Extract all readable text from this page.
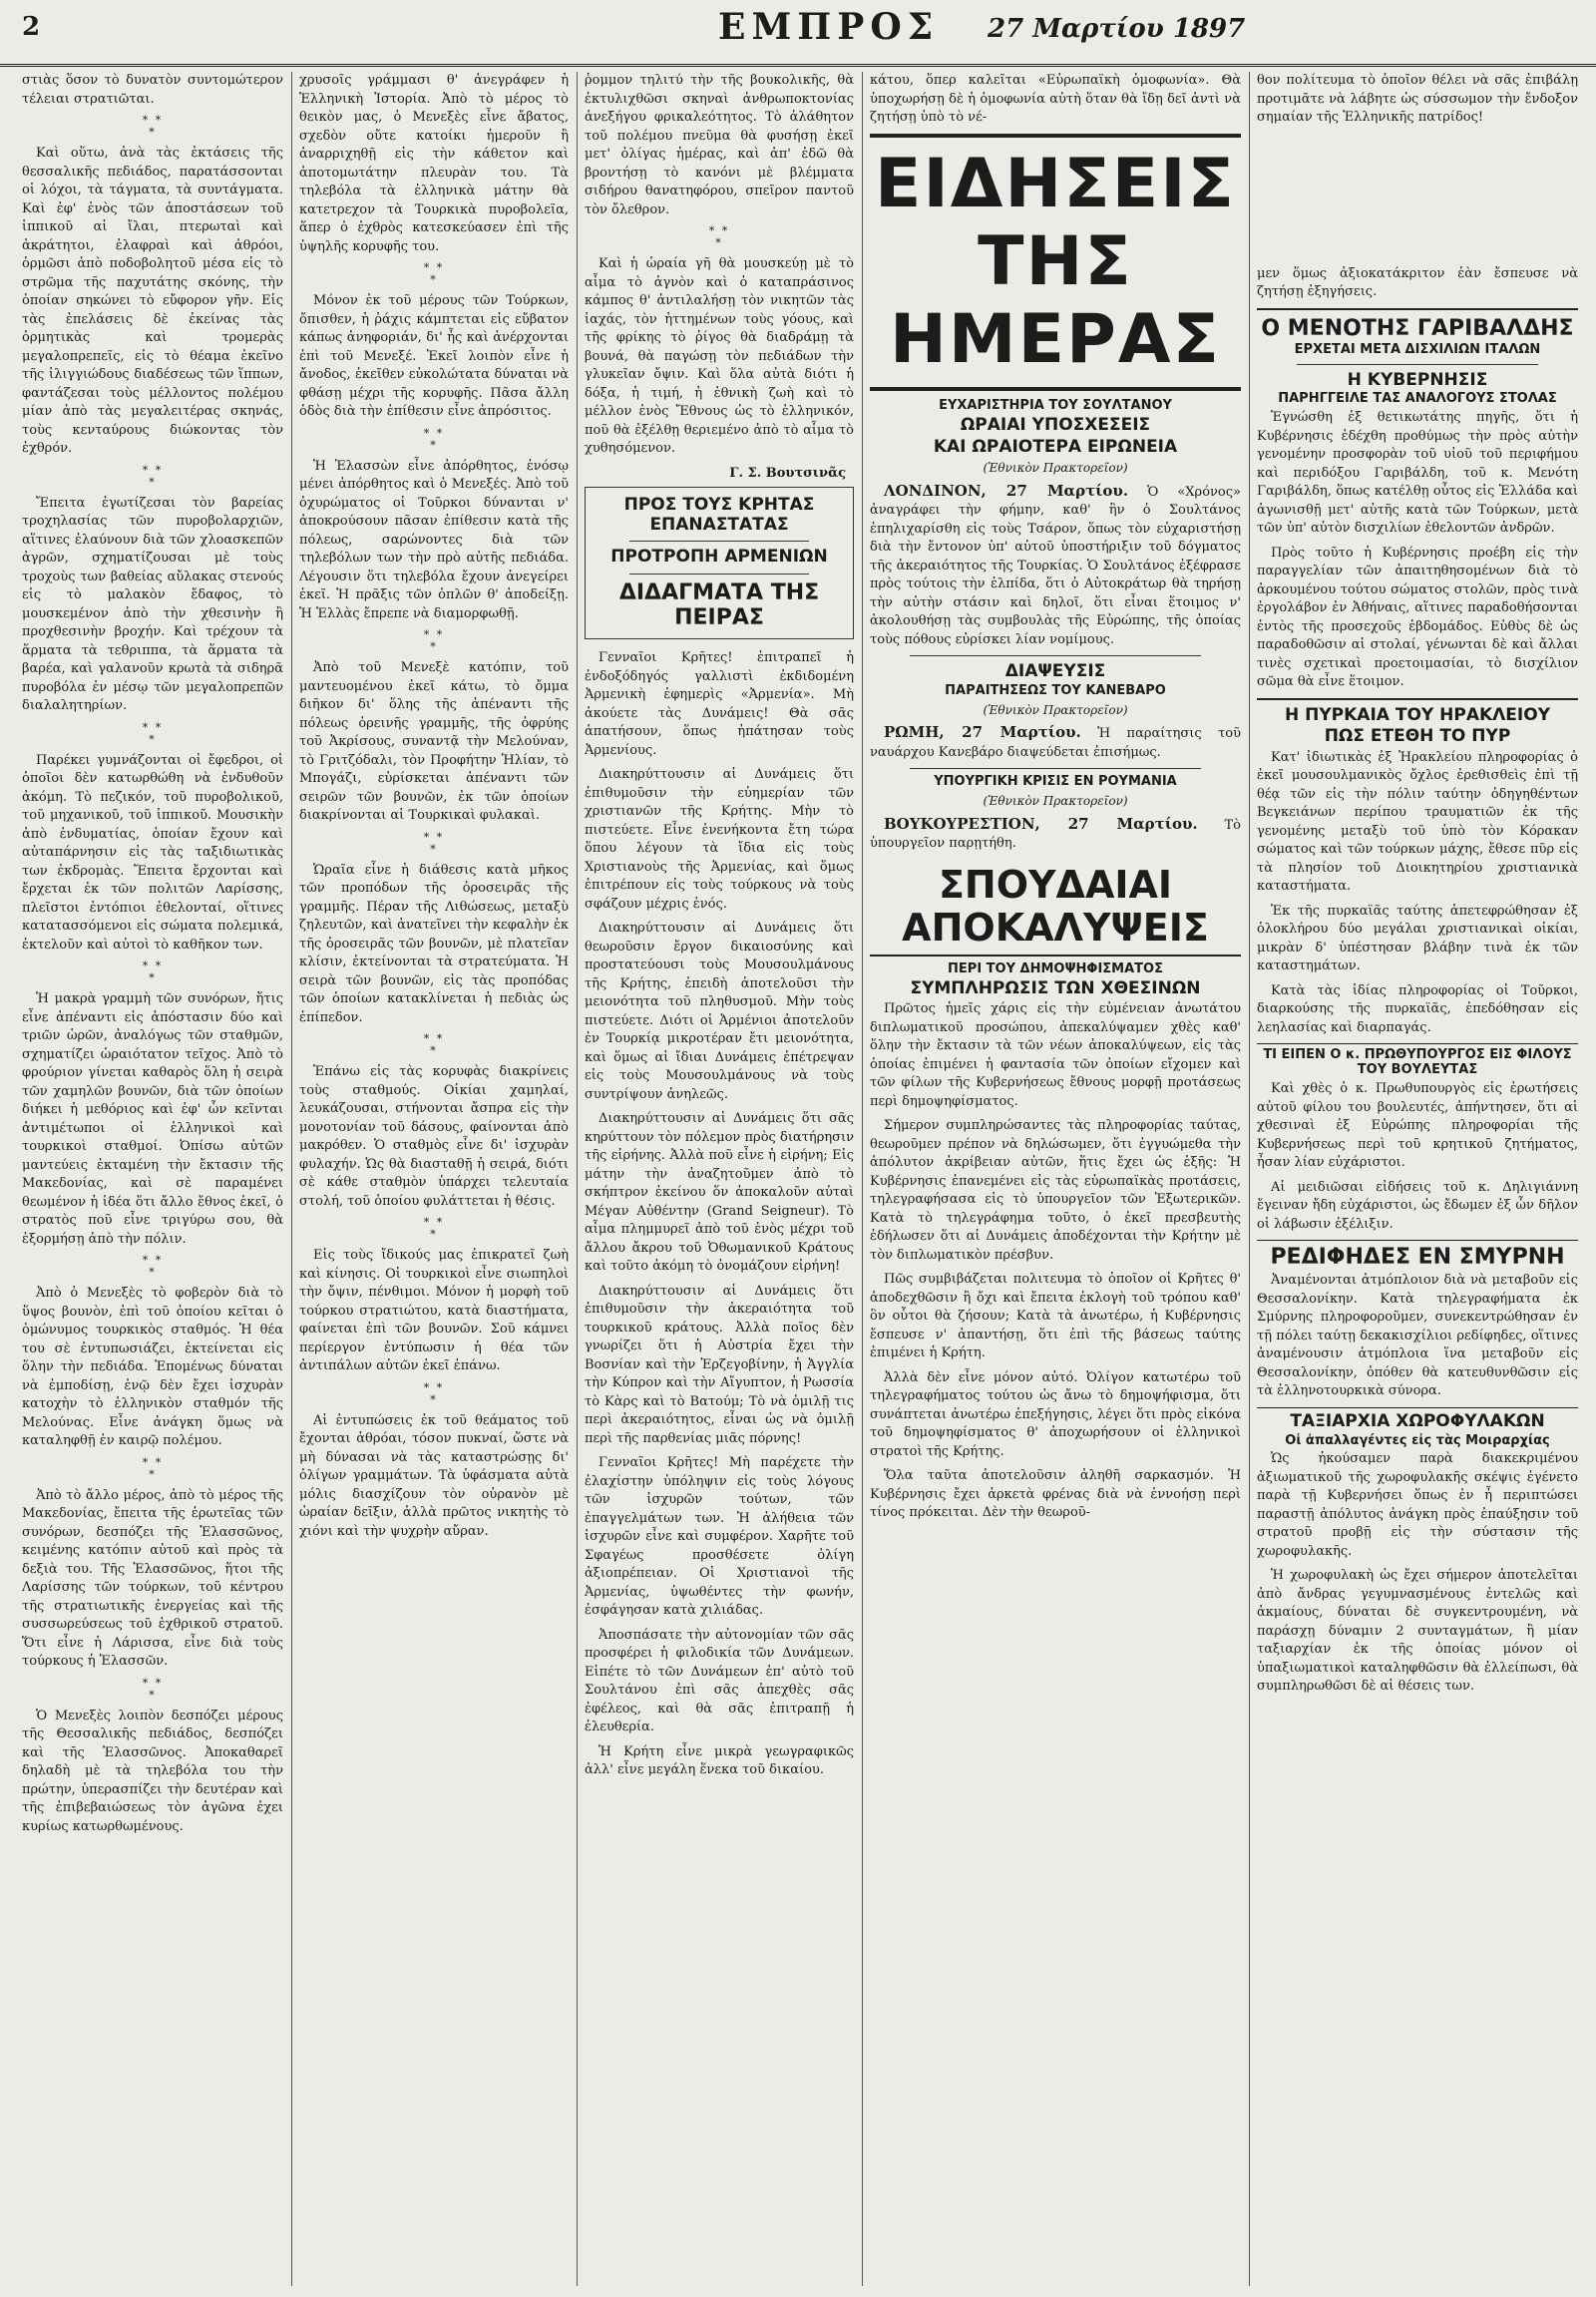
2	ΕΜΠΡΟΣ 27 Μαρτίου 1897

στιὰς ὅσον τὸ δυνατὸν συντομώτερον τέλειαι στρατιῶται.

* *
*

Καὶ οὕτω, ἀνὰ τὰς ἐκτάσεις τῆς θεσσαλικῆς πεδιάδος, παρατάσσονται οἱ λόχοι, τὰ τάγματα, τὰ συντάγματα. Καὶ ἐφ' ἑνὸς τῶν ἀποστάσεων τοῦ ἱππικοῦ αἱ ἴλαι, πτερωταὶ καὶ ἀκράτητοι, ἐλαφραὶ καὶ ἀθρόοι, ὁρμῶσι ἀπὸ ποδοβολητοῦ μέσα εἰς τὸ στρῶμα τῆς παχυτάτης σκόνης, τὴν ὁποίαν σηκώνει τὸ εὔφορον γῆν. Εἰς τὰς ἐπελάσεις δὲ ἐκείνας τὰς ὁρμητικὰς καὶ τρομερὰς μεγαλοπρεπεῖς, εἰς τὸ θέαμα ἐκεῖνο τῆς ἰλιγγιώδους διαδέσεως τῶν ἵππων, φαντάζεσαι τοὺς μέλλοντος πολέμου μίαν ἀπὸ τὰς μεγαλειτέρας σκηνάς, τοὺς κενταύρους διώκοντας τὸν ἐχθρόν.

* *
*

Ἔπειτα ἐγωτίζεσαι τὸν βαρείας τροχηλασίας τῶν πυροβολαρχιῶν, αἵτινες ἐλαύνουν διὰ τῶν χλοασκεπῶν ἀγρῶν, σχηματίζουσαι μὲ τοὺς τροχοὺς των βαθείας αὔλακας στενούς εἰς τὸ μαλακὸν ἔδαφος, τὸ μουσκεμένον ἀπὸ τὴν χθεσινὴν ἢ προχθεσινὴν βροχήν. Καὶ τρέχουν τὰ ἅρματα τὰ τεθριππα, τὰ ἅρματα τὰ βαρέα, καὶ γαλανοῦν κρωτὰ τὰ σιδηρᾶ πυροβόλα ἐν μέσῳ τῶν μεγαλοπρεπῶν διαλαλητηρίων.

* *
*

Παρέκει γυμνάζονται οἱ ἔφεδροι, οἱ ὁποῖοι δὲν κατωρθώθη νὰ ἐνδυθοῦν ἀκόμη. Τὸ πεζικόν, τοῦ πυροβολικοῦ, τοῦ μηχανικοῦ, τοῦ ἱππικοῦ. Μουσικὴν ἀπὸ ἐνδυματίας, ὁποίαν ἔχουν καὶ αὐταπάρνησιν εἰς τὰς ταξιδιωτικὰς των ἐκδρομὰς. Ἔπειτα ἔρχονται καὶ ἔρχεται ἐκ τῶν πολιτῶν Λαρίσσης, πλεῖστοι ἐντόπιοι ἐθελονταί, οἵτινες κατατασσόμενοι εἰς σώματα πολεμικά, ἐκτελοῦν καὶ αὐτοὶ τὸ καθῆκον των.

* *
*

Ἡ μακρὰ γραμμὴ τῶν συνόρων, ἥτις εἶνε ἀπέναντι εἰς ἀπόστασιν δύο καὶ τριῶν ὡρῶν, ἀναλόγως τῶν σταθμῶν, σχηματίζει ὡραιότατον τεῖχος. Ἀπὸ τὸ φρούριον γίνεται καθαρὸς ὅλη ἡ σειρὰ τῶν χαμηλῶν βουνῶν, διὰ τῶν ὁποίων διήκει ἡ μεθόριος καὶ ἐφ' ὧν κεῖνται ἀντιμέτωποι οἱ ἑλληνικοὶ καὶ τουρκικοὶ σταθμοί. Ὀπίσω αὐτῶν μαντεύεις ἐκταμένη τὴν ἔκτασιν τῆς Μακεδονίας, καὶ σὲ παραμένει θεωμένον ἡ ἰδέα ὅτι ἄλλο ἔθνος ἐκεῖ, ὁ στρατὸς ποῦ εἶνε τριγύρω σου, θὰ ἐξορμήσῃ ἀπὸ τὴν πόλιν.

* *
*

Ἀπὸ ὁ Μενεξὲς τὸ φοβερὸν διὰ τὸ ὕψος βουνὸν, ἐπὶ τοῦ ὁποίου κεῖται ὁ ὁμώνυμος τουρκικὸς σταθμός. Ἡ θέα του σὲ ἐντυπωσιάζει, ἐκτείνεται εἰς ὅλην τὴν πεδιάδα. Ἐπομένως δύναται νὰ ἐμποδίσῃ, ἐνῷ δὲν ἔχει ἰσχυρὰν κατοχὴν τὸ ἑλληνικὸν σταθμόν τῆς Μελούνας. Εἶνε ἀνάγκη ὅμως νὰ καταληφθῇ ἐν καιρῷ πολέμου.

* *
*

Ἀπὸ τὸ ἄλλο μέρος, ἀπὸ τὸ μέρος τῆς Μακεδονίας, ἔπειτα τῆς ἐρωτεῖας τῶν συνόρων, δεσπόζει τῆς Ἐλασσῶνος, κειμένης κατόπιν αὐτοῦ καὶ πρὸς τὰ δεξιὰ του. Τῆς Ἐλασσῶνος, ἥτοι τῆς Λαρίσσης τῶν τούρκων, τοῦ κέντρου τῆς στρατιωτικῆς ἐνεργείας καὶ τῆς συσσωρεύσεως τοῦ ἐχθρικοῦ στρατοῦ. Ὅτι εἶνε ἡ Λάρισσα, εἶνε διὰ τοὺς τούρκους ἡ Ἐλασσῶν.

* *
*

Ὁ Μενεξὲς λοιπὸν δεσπόζει μέρους τῆς Θεσσαλικῆς πεδιάδος, δεσπόζει καὶ τῆς Ἐλασσῶνος. Ἀποκαθαρεῖ δηλαδὴ μὲ τὰ τηλεβόλα του τὴν πρώτην, ὑπερασπίζει τὴν δευτέραν καὶ τῆς ἐπιβεβαιώσεως τὸν ἀγῶνα ἐχει κυρίως κατωρθωμένους.

χρυσοῖς γράμμασι θ' ἀνεγράφεν ἡ Ἑλληνικὴ Ἱστορία. Ἀπὸ τὸ μέρος τὸ θεικὸν μας, ὁ Μενεξὲς εἶνε ἄβατος, σχεδὸν οὔτε κατοίκι ἡμεροῦν ἢ ἀναρριχηθῇ εἰς τὴν κάθετον καὶ ἀποτομωτάτην πλευρὰν του. Τὰ τηλεβόλα τὰ ἑλληνικὰ μάτην θὰ κατετρεχον τὰ Τουρκικὰ πυροβολεῖα, ἅπερ ὁ ἐχθρὸς κατεσκεύασεν ἐπὶ τῆς ὑψηλῆς κορυφῆς του.

* *
*

Μόνον ἐκ τοῦ μέρους τῶν Τούρκων, ὄπισθεν, ἡ ῥάχις κάμπτεται εἰς εὔβατον κάπως ἀνηφοριάν, δι' ἧς καὶ ἀνέρχονται ἐπὶ τοῦ Μενεξέ. Ἐκεῖ λοιπὸν εἶνε ἡ ἄνοδος, ἐκεῖθεν εὐκολώτατα δύναται νὰ φθάσῃ μέχρι τῆς κορυφῆς. Πᾶσα ἄλλη ὁδὸς διὰ τὴν ἐπίθεσιν εἶνε ἀπρόσιτος.

* *
*

Ἡ Ἐλασσὼν εἶνε ἀπόρθητος, ἐνόσῳ μένει ἀπόρθητος καὶ ὁ Μενεξές. Ἀπὸ τοῦ ὀχυρώματος οἱ Τοῦρκοι δύνανται ν' ἀποκρούσουν πᾶσαν ἐπίθεσιν κατὰ τῆς πόλεως, σαρώνοντες διὰ τῶν τηλεβόλων των τὴν πρὸ αὐτῆς πεδιάδα. Λέγουσιν ὅτι τηλεβόλα ἔχουν ἀνεγείρει ἐκεῖ. Ἡ πρᾶξις τῶν ὁπλῶν θ' ἀποδείξῃ. Ἡ Ἑλλὰς ἔπρεπε νὰ διαμορφωθῇ.

* *
*

Ἀπὸ τοῦ Μενεξὲ κατόπιν, τοῦ μαντευομένου ἐκεῖ κάτω, τὸ ὄμμα διῆκον δι' ὅλης τῆς ἀπέναντι τῆς πόλεως ὀρεινῆς γραμμῆς, τῆς ὀφρύης τοῦ Ἀκρίσους, συναντᾷ τὴν Μελούναν, τὸ Γριτζόδαλι, τὸν Προφήτην Ἠλίαν, τὸ Μπογάζι, εὑρίσκεται ἀπέναντι τῶν σειρῶν τῶν βουνῶν, ἐκ τῶν ὁποίων διακρίνονται αἱ Τουρκικαὶ φυλακαὶ.

* *
*

Ὡραῖα εἶνε ἡ διάθεσις κατὰ μῆκος τῶν προπόδων τῆς ὀροσειρᾶς τῆς γραμμῆς. Πέραν τῆς Λιθώσεως, μεταξὺ ζηλευτῶν, καὶ ἀνατεῖνει τὴν κεφαλὴν ἐκ τῆς ὀροσειρᾶς τῶν βουνῶν, μὲ πλατεῖαν κλίσιν, ἐκτείνονται τὰ στρατεύματα. Ἡ σειρὰ τῶν βουνῶν, εἰς τὰς προπόδας τῶν ὁποίων κατακλίνεται ἡ πεδιὰς ὡς ἐπίπεδον.

* *
*

Ἐπάνω εἰς τὰς κορυφὰς διακρίνεις τοὺς σταθμούς. Οἰκίαι χαμηλαί, λευκάζουσαι, στήνονται ἄσπρα εἰς τὴν μονοτονίαν τοῦ δάσους, φαίνονται ἀπὸ μακρόθεν. Ὁ σταθμὸς εἶνε δι' ἰσχυρὰν φυλαχήν. Ὡς θὰ διασταθῇ ἡ σειρά, διότι σὲ κάθε σταθμὸν ὑπάρχει τελευταία στολή, τοῦ ὁποίου φυλάττεται ἡ θέσις.

* *
*

Εἰς τοὺς ἴδικούς μας ἐπικρατεῖ ζωὴ καὶ κίνησις. Οἱ τουρκικοὶ εἶνε σιωπηλοὶ τὴν ὄψιν, πένθιμοι. Μόνον ἡ μορφὴ τοῦ τούρκου στρατιώτου, κατὰ διαστήματα, φαίνεται ἐπὶ τῶν βουνῶν. Σοῦ κάμνει περίεργον ἐντύπωσιν ἡ θέα τῶν ἀντιπάλων αὐτῶν ἐκεῖ ἐπάνω.

* *
*

Αἱ ἐντυπώσεις ἐκ τοῦ θεάματος τοῦ ἔχονται ἀθρόαι, τόσον πυκναί, ὥστε νὰ μὴ δύνασαι νὰ τὰς καταστρώσῃς δι' ὀλίγων γραμμάτων. Τὰ ὑφάσματα αὐτὰ μόλις διασχίζουν τὸν οὐρανὸν μὲ ὡραίαν δεῖξιν, ἀλλὰ πρῶτος νικητὴς τὸ χιόνι καὶ τὴν ψυχρὴν αὔραν.

ῥομμον τηλιτύ τὴν τῆς βουκολικῆς, θὰ ἐκτυλιχθῶσι σκηναὶ ἀνθρωποκτονίας ἀνεξήγου φρικαλεότητος. Τὸ ἀλάθητον τοῦ πολέμου πνεῦμα θὰ φυσήσῃ ἐκεῖ μετ' ὀλίγας ἡμέρας, καὶ ἀπ' ἐδῶ θὰ βροντήσῃ τὸ κανόνι μὲ βλέμματα σιδήρου θανατηφόρου, σπεῖρον παντοῦ τὸν ὄλεθρον.

* *
*

Καὶ ἡ ὡραία γῆ θὰ μουσκεύῃ μὲ τὸ αἷμα τὸ ἀγνὸν καὶ ὁ καταπράσινος κάμπος θ' ἀντιλαλήσῃ τὸν νικητῶν τὰς ἰαχάς, τὸν ἡττημένων τοὺς γόους, καὶ τῆς φρίκης τὸ ῥίγος θὰ διαδράμῃ τὰ βουνά, θὰ παγώσῃ τὸν πεδιάδων τὴν γλυκεῖαν ὄψιν. Καὶ ὅλα αὐτὰ διότι ἡ δόξα, ἡ τιμή, ἡ ἐθνικὴ ζωὴ καὶ τὸ μέλλον ἐνὸς Ἔθνους ὡς τὸ ἑλληνικόν, ποῦ θὰ ἐξέλθῃ θεριεμένο ἀπὸ τὸ αἷμα τὸ χυθησόμενον.

Γ. Σ. Βουτσινᾶς
ΠΡΟΣ ΤΟΥΣ ΚΡΗΤΑΣ ΕΠΑΝΑΣΤΑΤΑΣ
ΠΡΟΤΡΟΠΗ ΑΡΜΕΝΙΩΝ
ΔΙΔΑΓΜΑΤΑ ΤΗΣ ΠΕΙΡΑΣ

Γενναῖοι Κρῆτες! ἐπιτραπεῖ ἡ ἐνδοξόδηγός γαλλιστὶ ἐκδιδομένη Ἀρμενικὴ ἐφημερὶς «Ἀρμενία». Μὴ ἀκούετε τὰς Δυνάμεις! Θὰ σᾶς ἀπατήσουν, ὅπως ἠπάτησαν τοὺς Ἀρμενίους.

Διακηρύττουσιν αἱ Δυνάμεις ὅτι ἐπιθυμοῦσιν τὴν εὐημερίαν τῶν χριστιανῶν τῆς Κρήτης. Μὴν τὸ πιστεύετε. Εἶνε ἐνενήκοντα ἔτη τώρα ὅπου λέγουν τὰ ἴδια εἰς τοὺς Χριστιανοὺς τῆς Ἀρμενίας, καὶ ὅμως ἐπιτρέπουν εἰς τοὺς τούρκους νὰ τοὺς σφάζουν μέχρις ἑνός.

Διακηρύττουσιν αἱ Δυνάμεις ὅτι θεωροῦσιν ἔργον δικαιοσύνης καὶ προστατεύουσι τοὺς Μουσουλμάνους τῆς Κρήτης, ἐπειδὴ ἀποτελοῦσι τὴν μειονότητα τοῦ πληθυσμοῦ. Μὴν τοὺς πιστεύετε. Διότι οἱ Ἀρμένιοι ἀποτελοῦν ἐν Τουρκίᾳ μικροτέραν ἔτι μειονότητα, καὶ ὅμως αἱ ἴδιαι Δυνάμεις ἐπέτρεψαν εἰς τοὺς Μουσουλμάνους νὰ τοὺς συντρίψουν ἀνηλεῶς.

Διακηρύττουσιν αἱ Δυνάμεις ὅτι σᾶς κηρύττουν τὸν πόλεμον πρὸς διατήρησιν τῆς εἰρήνης. Ἀλλὰ ποῦ εἶνε ἡ εἰρήνη; Εἰς μάτην τὴν ἀναζητοῦμεν ἀπὸ τὸ σκήπτρον ἐκείνου ὅν ἀποκαλοῦν αὐταὶ Μέγαν Αὐθέντην (Grand Seigneur). Τὸ αἷμα πλημμυρεῖ ἀπὸ τοῦ ἑνὸς μέχρι τοῦ ἄλλου ἄκρου τοῦ Ὀθωμανικοῦ Κράτους καὶ τοῦτο ἀκόμη τὸ ὀνομάζουν εἰρήνη!

Διακηρύττουσιν αἱ Δυνάμεις ὅτι ἐπιθυμοῦσιν τὴν ἀκεραιότητα τοῦ τουρκικοῦ κράτους. Ἀλλὰ ποῖος δὲν γνωρίζει ὅτι ἡ Αὐστρία ἔχει τὴν Βοσνίαν καὶ τὴν Ἑρζεγοβίνην, ἡ Ἀγγλία τὴν Κύπρον καὶ τὴν Αἴγυπτον, ἡ Ρωσσία τὸ Κὰρς καὶ τὸ Βατούμ; Τὸ νὰ ὁμιλῇ τις περὶ ἀκεραιότητος, εἶναι ὡς νὰ ὁμιλῇ περὶ τῆς παρθενίας μιᾶς πόρνης!

Γενναῖοι Κρῆτες! Μὴ παρέχετε τὴν ἐλαχίστην ὑπόληψιν εἰς τοὺς λόγους τῶν ἰσχυρῶν τούτων, τῶν ἐπαγγελμάτων των. Ἡ ἀλήθεια τῶν ἰσχυρῶν εἶνε καὶ συμφέρον. Χαρῆτε τοῦ Σφαγέως προσθέσετε ὀλίγη ἀξιοπρέπειαν. Οἱ Χριστιανοὶ τῆς Ἀρμενίας, ὑψωθέντες τὴν φωνήν, ἐσφάγησαν κατὰ χιλιάδας.

Ἀποσπάσατε τὴν αὐτονομίαν τῶν σᾶς προσφέρει ἡ φιλοδικία τῶν Δυνάμεων. Εἰπέτε τὸ τῶν Δυνάμεων ἐπ' αὐτὸ τοῦ Σουλτάνου ἐπὶ σᾶς ἀπεχθὲς σᾶς ἐφέλεος, καὶ θὰ σᾶς ἐπιτραπῇ ἡ ἐλευθερία.

Ἡ Κρήτη εἶνε μικρὰ γεωγραφικῶς ἀλλ' εἶνε μεγάλη ἕνεκα τοῦ δικαίου.

κάτου, ὅπερ καλεῖται «Εὐρωπαϊκὴ ὁμοφωνία». Θὰ ὑποχωρήσῃ δὲ ἡ ὁμοφωνία αὐτὴ ὅταν θὰ ἴδῃ δεῖ ἀντὶ νὰ ζητήσῃ ὑπὸ τὸ νέ-

ΕΙΔΗΣΕΙΣ ΤΗΣ ΗΜΕΡΑΣ
ΕΥΧΑΡΙΣΤΗΡΙΑ ΤΟΥ ΣΟΥΛΤΑΝΟΥ
ΩΡΑΙΑΙ ΥΠΟΣΧΕΣΕΙΣ
ΚΑΙ ΩΡΑΙΟΤΕΡΑ ΕΙΡΩΝΕΙΑ
(Ἐθνικὸν Πρακτορεῖον)

ΛΟΝΔΙΝΟΝ, 27 Μαρτίου. Ὁ «Χρόνος» ἀναγράφει τὴν φήμην, καθ' ἣν ὁ Σουλτάνος ἐπηλιχαρίσθη εἰς τοὺς Τσάρον, ὅπως τὸν εὐχαριστήσῃ διὰ τὴν ἔντονον ὑπ' αὐτοῦ ὑποστήριξιν τοῦ δόγματος τῆς ἀκεραιότητος τῆς Τουρκίας. Ὁ Σουλτάνος ἐξέφρασε πρὸς τούτοις τὴν ἐλπίδα, ὅτι ὁ Αὐτοκράτωρ θὰ τηρήσῃ τὴν αὐτὴν στάσιν καὶ δηλοῖ, ὅτι εἶναι ἕτοιμος ν' ἀκολουθήσῃ τὰς συμβουλὰς τῆς Εὐρώπης, τῆς ὁποίας τοὺς πόθους εὐρίσκει λίαν νομίμους.

ΔΙΑΨΕΥΣΙΣ
ΠΑΡΑΙΤΗΣΕΩΣ ΤΟΥ ΚΑΝΕΒΑΡΟ
(Ἐθνικὸν Πρακτορεῖον)

ΡΩΜΗ, 27 Μαρτίου. Ἡ παραίτησις τοῦ ναυάρχου Κανεβάρο διαψεύδεται ἐπισήμως.

ΥΠΟΥΡΓΙΚΗ ΚΡΙΣΙΣ ΕΝ ΡΟΥΜΑΝΙΑ
(Ἐθνικὸν Πρακτορεῖον)

ΒΟΥΚΟΥΡΕΣΤΙΟΝ, 27 Μαρτίου. Τὸ ὑπουργεῖον παρῃτήθη.

ΣΠΟΥΔΑΙΑΙ ΑΠΟΚΑΛΥΨΕΙΣ
ΠΕΡΙ ΤΟΥ ΔΗΜΟΨΗΦΙΣΜΑΤΟΣ
ΣΥΜΠΛΗΡΩΣΙΣ ΤΩΝ ΧΘΕΣΙΝΩΝ

Πρῶτος ἡμεῖς χάρις εἰς τὴν εὐμένειαν ἀνωτάτου διπλωματικοῦ προσώπου, ἀπεκαλύψαμεν χθὲς καθ' ὅλην τὴν ἔκτασιν τὰ τῶν νέων ἀποκαλύψεων, εἰς τὰς ὁποίας ἐπιμένει ἡ φαντασία τῶν ὁποίων εἴχομεν καὶ τῶν φίλων τῆς Κυβερνήσεως ἔθνους μορφῇ προτάσεως περὶ δημοψηφίσματος.

Σήμερον συμπληρώσαντες τὰς πληροφορίας ταύτας, θεωροῦμεν πρέπον νὰ δηλώσωμεν, ὅτι ἐγγυώμεθα τὴν ἀπόλυτον ἀκρίβειαν αὐτῶν, ἥτις ἔχει ὡς ἑξῆς: Ἡ Κυβέρνησις ἐπανεμένει εἰς τὰς εὐρωπαϊκὰς προτάσεις, τηλεγραφήσασα εἰς τὸ ὑπουργεῖον τῶν Ἐξωτερικῶν. Κατὰ τὸ τηλεγράφημα τοῦτο, ὁ ἐκεῖ πρεσβευτὴς ἐδήλωσεν ὅτι αἱ Δυνάμεις ἀποδέχονται τὴν Κρήτην μὲ τὸν διπλωματικὸν πρέσβυν.

Πῶς συμβιβάζεται πολιτευμα τὸ ὁποῖον οἱ Κρῆτες θ' ἀποδεχθῶσιν ἢ ὄχι καὶ ἔπειτα ἐκλογὴ τοῦ τρόπου καθ' ὃν οὗτοι θὰ ζήσουν; Κατὰ τὰ ἀνωτέρω, ἡ Κυβέρνησις ἔσπευσε ν' ἀπαντήσῃ, ὅτι ἐπὶ τῆς βάσεως ταύτης ἐπιμένει ἡ Κρήτη.

Ἀλλὰ δὲν εἶνε μόνον αὐτό. Ὀλίγον κατωτέρω τοῦ τηλεγραφήματος τούτου ὡς ἄνω τὸ δημοψήφισμα, ὅτι συνάπτεται ἀνωτέρω ἐπεξήγησις, λέγει ὅτι πρὸς εἰκόνα τοῦ δημοψηφίσματος θ' ἀποχωρήσουν οἱ ἑλληνικοὶ στρατοὶ τῆς Κρήτης.

Ὅλα ταῦτα ἀποτελοῦσιν ἀληθῆ σαρκασμόν. Ἡ Κυβέρνησις ἔχει ἀρκετὰ φρένας διὰ νὰ ἐννοήσῃ περὶ τίνος πρόκειται. Δὲν τὴν θεωροῦ-

θον πολίτευμα τὸ ὁποῖον θέλει νὰ σᾶς ἐπιβάλῃ προτιμᾶτε νὰ λάβητε ὡς σύσσωμον τὴν ἔνδοξον σημαίαν τῆς Ἑλληνικῆς πατρίδος!

μεν ὅμως ἀξιοκατάκριτον ἐὰν ἔσπευσε νὰ ζητήσῃ ἐξηγήσεις.

Ο ΜΕΝΟΤΗΣ ΓΑΡΙΒΑΛΔΗΣ
ΕΡΧΕΤΑΙ ΜΕΤΑ ΔΙΣΧΙΛΙΩΝ ΙΤΑΛΩΝ
Η ΚΥΒΕΡΝΗΣΙΣ
ΠΑΡΗΓΓΕΙΛΕ ΤΑΣ ΑΝΑΛΟΓΟΥΣ ΣΤΟΛΑΣ

Ἐγνώσθη ἐξ θετικωτάτης πηγῆς, ὅτι ἡ Κυβέρνησις ἐδέχθη προθύμως τὴν πρὸς αὐτὴν γενομένην προσφορὰν τοῦ υἱοῦ τοῦ περιφήμου καὶ περιδόξου Γαριβάλδη, τοῦ κ. Μενότη Γαριβάλδη, ὅπως κατέλθῃ οὗτος εἰς Ἑλλάδα καὶ ἀγωνισθῇ μετ' αὐτῆς κατὰ τῶν Τούρκων, μετὰ τῶν ὑπ' αὐτὸν δισχιλίων ἐθελοντῶν ἀνδρῶν.

Πρὸς τοῦτο ἡ Κυβέρνησις προέβη εἰς τὴν παραγγελίαν τῶν ἀπαιτηθησομένων διὰ τὸ ἀρκουμένου τούτου σώματος στολῶν, πρὸς τινὰ ἐργολάβον ἐν Ἀθήναις, αἵτινες παραδοθήσονται ἐντὸς τῆς προσεχοῦς ἑβδομάδος. Εὑθὺς δὲ ὡς παραδοθῶσιν αἱ στολαί, γένωνται δὲ καὶ ἄλλαι τινὲς σχετικαὶ προετοιμασίαι, τὸ δισχίλιον σῶμα θὰ εἶνε ἕτοιμον.

Η ΠΥΡΚΑΙΑ ΤΟΥ ΗΡΑΚΛΕΙΟΥ
ΠΩΣ ΕΤΕΘΗ ΤΟ ΠΥΡ

Κατ' ἰδιωτικὰς ἐξ Ἡρακλείου πληροφορίας ὁ ἐκεῖ μουσουλμανικὸς ὄχλος ἐρεθισθεὶς ἐπὶ τῇ θέᾳ τῶν εἰς τὴν πόλιν ταύτην ὁδηγηθέντων Βεγκειάνων περίπου τραυματιῶν ἐκ τῆς γενομένης μεταξὺ τοῦ ὑπὸ τὸν Κόρακαν σώματος καὶ τῶν τούρκων μάχης, ἔθεσε πῦρ εἰς τὰ πλησίον τοῦ Διοικητηρίου χριστιανικὰ καταστήματα.

Ἐκ τῆς πυρκαϊᾶς ταύτης ἀπετεφρώθησαν ἐξ ὁλοκλήρου δύο μεγάλαι χριστιανικαὶ οἰκίαι, μικρὰν δ' ὑπέστησαν βλάβην τινὰ ἐκ τῶν καταστημάτων.

Κατὰ τὰς ἰδίας πληροφορίας οἱ Τοῦρκοι, διαρκούσης τῆς πυρκαϊᾶς, ἐπεδόθησαν εἰς λεηλασίας καὶ διαρπαγάς.

ΤΙ ΕΙΠΕΝ Ο κ. ΠΡΩΘΥΠΟΥΡΓΟΣ ΕΙΣ ΦΙΛΟΥΣ ΤΟΥ ΒΟΥΛΕΥΤΑΣ

Καὶ χθὲς ὁ κ. Πρωθυπουργὸς εἰς ἐρωτήσεις αὐτοῦ φίλου του βουλευτές, ἀπήντησεν, ὅτι αἱ χθεσιναὶ ἐξ Εὐρώπης πληροφορίαι τῆς Κυβερνήσεως περὶ τοῦ κρητικοῦ ζητήματος, ἦσαν λίαν εὐχάριστοι.

Αἱ μειδιῶσαι εἰδήσεις τοῦ κ. Δηλιγιάννη ἔγειναν ἤδη εὐχάριστοι, ὡς ἔδωμεν ἐξ ὧν δῆλον οἱ λάβωσιν ἐξέλιξιν.

ΡΕΔΙΦΗΔΕΣ ΕΝ ΣΜΥΡΝΗ

Ἀναμένονται ἀτμόπλοιον διὰ νὰ μεταβοῦν εἰς Θεσσαλονίκην. Κατὰ τηλεγραφήματα ἐκ Σμύρνης πληροφοροῦμεν, συνεκεντρώθησαν ἐν τῇ πόλει ταύτῃ δεκακισχίλιοι ρεδίφηδες, οἵτινες ἀναμένουσιν ἀτμόπλοια ἵνα μεταβοῦν εἰς Θεσσαλονίκην, ὁπόθεν θὰ κατευθυνθῶσιν εἰς τὰ ἑλληνοτουρκικὰ σύνορα.

ΤΑΞΙΑΡΧΙΑ ΧΩΡΟΦΥΛΑΚΩΝ
Οἱ ἀπαλλαγέντες εἰς τὰς Μοιραρχίας

Ὡς ἠκούσαμεν παρὰ διακεκριμένου ἀξιωματικοῦ τῆς χωροφυλακῆς σκέψις ἐγένετο παρὰ τῇ Κυβερνήσει ὅπως ἐν ἦ περιπτώσει παραστῇ ἀπόλυτος ἀνάγκη πρὸς ἐπαύξησιν τοῦ στρατοῦ προβῇ εἰς τὴν σύστασιν τῆς χωροφυλακῆς.

Ἡ χωροφυλακὴ ὡς ἔχει σήμερον ἀποτελεῖται ἀπὸ ἄνδρας γεγυμνασμένους ἐντελῶς καὶ ἀκμαίους, δύναται δὲ συγκεντρουμένη, νὰ παράσχῃ δύναμιν 2 συνταγμάτων, ἢ μίαν ταξιαρχίαν ἐκ τῆς ὁποίας μόνον οἱ ὑπαξιωματικοὶ καταληφθῶσιν θὰ ἐλλείπωσι, θὰ συμπληρωθῶσι δὲ αἱ θέσεις των.
